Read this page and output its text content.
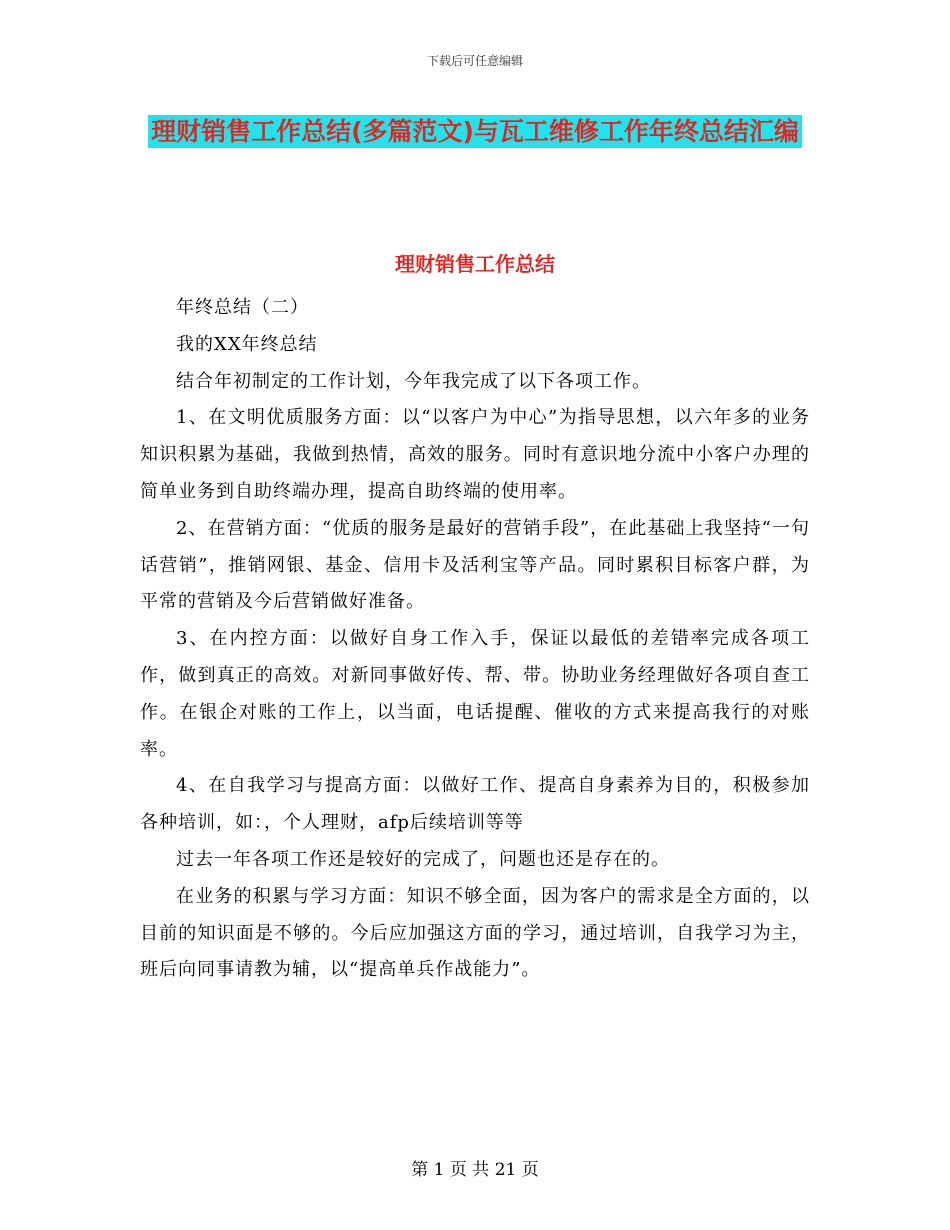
下载后可任意编辑
理财销售工作总结(多篇范文)与瓦工维修工作年终总结汇编
理财销售工作总结

年终总结（二）

我的XX年终总结

结合年初制定的工作计划，今年我完成了以下各项工作。

1、在文明优质服务方面：以“以客户为中心”为指导思想，以六年多的业务知识积累为基础，我做到热情，高效的服务。同时有意识地分流中小客户办理的简单业务到自助终端办理，提高自助终端的使用率。

2、在营销方面：“优质的服务是最好的营销手段”，在此基础上我坚持“一句话营销”，推销网银、基金、信用卡及活利宝等产品。同时累积目标客户群，为平常的营销及今后营销做好准备。

3、在内控方面：以做好自身工作入手，保证以最低的差错率完成各项工作，做到真正的高效。对新同事做好传、帮、带。协助业务经理做好各项自查工作。在银企对账的工作上，以当面，电话提醒、催收的方式来提高我行的对账率。

4、在自我学习与提高方面：以做好工作、提高自身素养为目的，积极参加各种培训，如：，个人理财，afp后续培训等等

过去一年各项工作还是较好的完成了，问题也还是存在的。

在业务的积累与学习方面：知识不够全面，因为客户的需求是全方面的，以目前的知识面是不够的。今后应加强这方面的学习，通过培训，自我学习为主，班后向同事请教为辅，以“提高单兵作战能力”。

第 1 页 共 21 页
